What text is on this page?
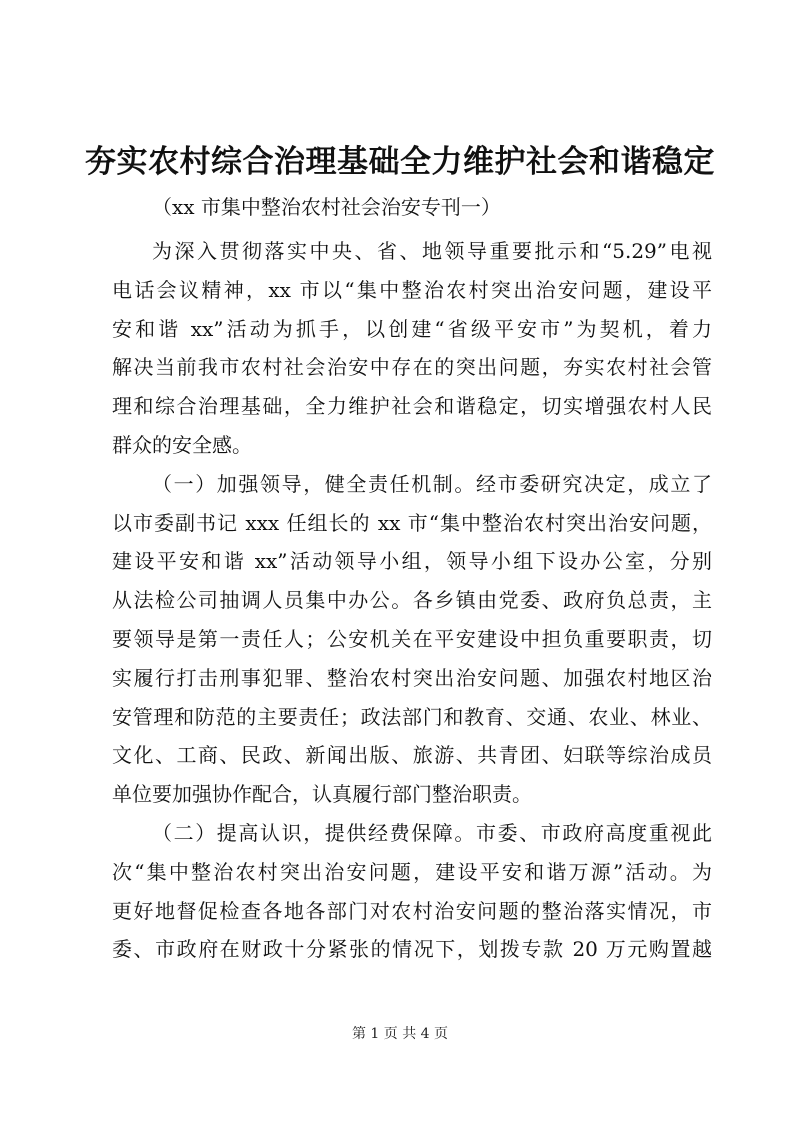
夯实农村综合治理基础全力维护社会和谐稳定

（xx 市集中整治农村社会治安专刊一）

为深入贯彻落实中央、省、地领导重要批示和“5.29”电视
电话会议精神，xx 市以“集中整治农村突出治安问题，建设平
安和谐 xx”活动为抓手，以创建“省级平安市”为契机，着力
解决当前我市农村社会治安中存在的突出问题，夯实农村社会管
理和综合治理基础，全力维护社会和谐稳定，切实增强农村人民
群众的安全感。
（一）加强领导，健全责任机制。经市委研究决定，成立了
以市委副书记 xxx 任组长的 xx 市“集中整治农村突出治安问题，
建设平安和谐 xx”活动领导小组，领导小组下设办公室，分别
从法检公司抽调人员集中办公。各乡镇由党委、政府负总责，主
要领导是第一责任人；公安机关在平安建设中担负重要职责，切
实履行打击刑事犯罪、整治农村突出治安问题、加强农村地区治
安管理和防范的主要责任；政法部门和教育、交通、农业、林业、
文化、工商、民政、新闻出版、旅游、共青团、妇联等综治成员
单位要加强协作配合，认真履行部门整治职责。
（二）提高认识，提供经费保障。市委、市政府高度重视此
次“集中整治农村突出治安问题，建设平安和谐万源”活动。为
更好地督促检查各地各部门对农村治安问题的整治落实情况，市
委、市政府在财政十分紧张的情况下，划拨专款 20 万元购置越
第 1 页 共 4 页
